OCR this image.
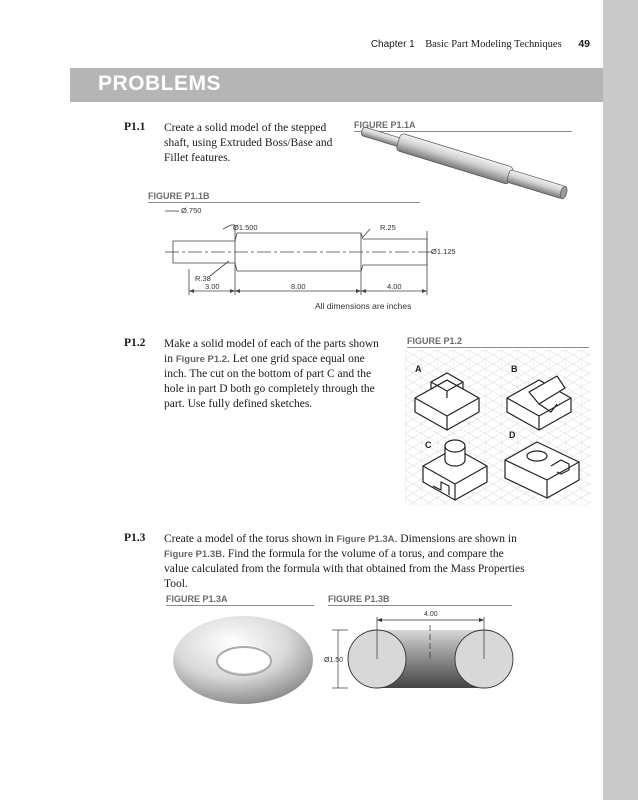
Chapter 1 Basic Part Modeling Techniques 49
PROBLEMS
P1.1 Create a solid model of the stepped
shaft, using Extruded Boss/Base and
Fillet features.
FIGURE P1.1A
FIGURE P1.1B
Ø.750
Ø1.500	R.25
Ø1.125
R.38
3.00	8.00	4.00
All dimensions are inches
P1.2 Make a solid model of each of the parts shown
in Figure P1.2. Let one grid space equal one
inch. The cut on the bottom of part C and the
hole in part D both go completely through the
part. Use fully defined sketches.
FIGURE P1.2
A	B
C
D
P1.3 Create a model of the torus shown in Figure P1.3A. Dimensions are shown in
Figure P1.3B. Find the formula for the volume of a torus, and compare the
value calculated from the formula with that obtained from the Mass Properties
Tool.
FIGURE P1.3A	FIGURE P1.3B
4.00
Ø1.50
